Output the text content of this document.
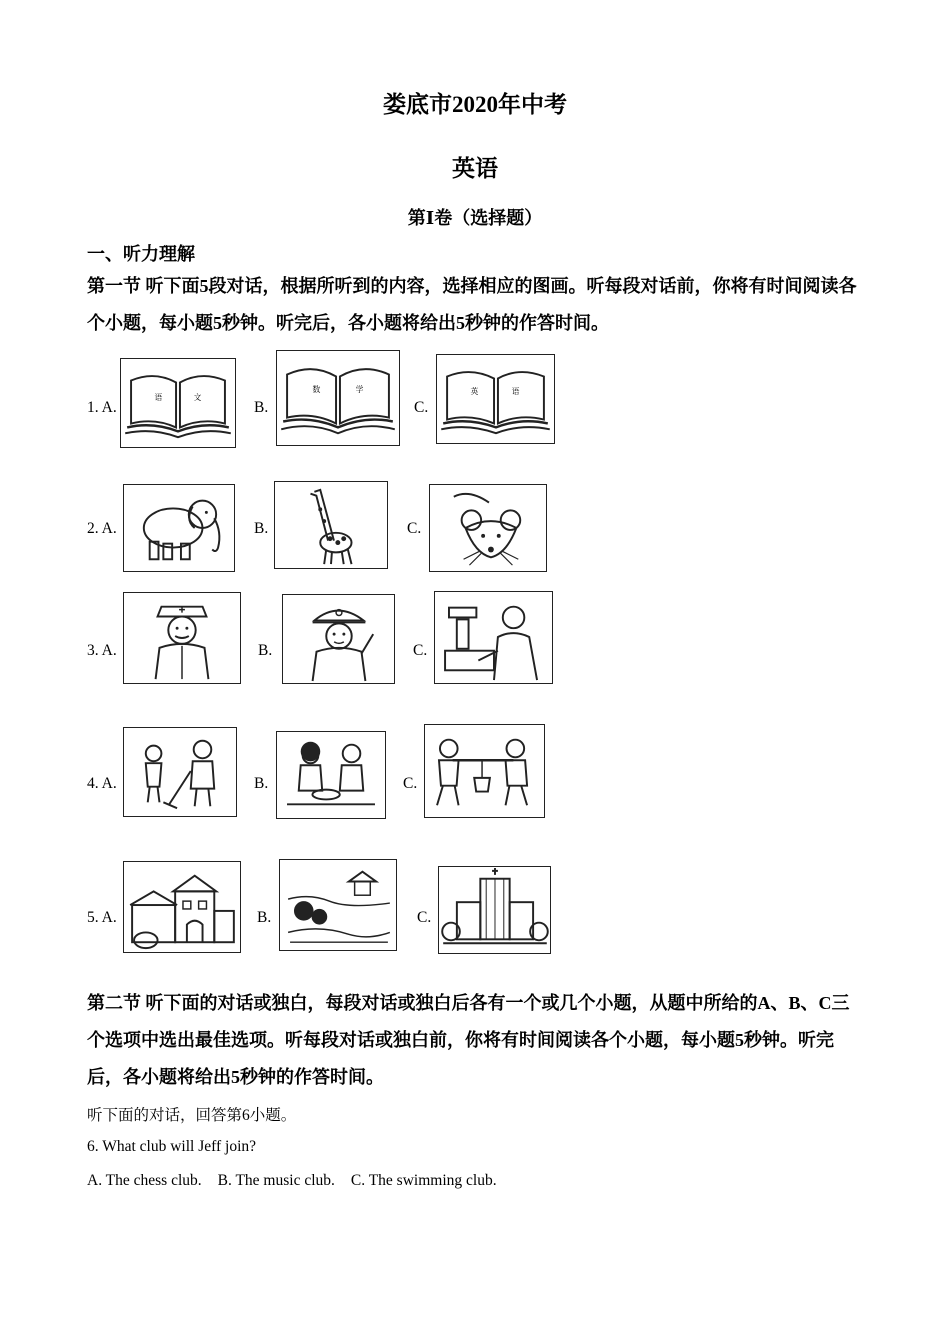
娄底市2020年中考
英语
第Ⅰ卷（选择题）
一、听力理解
第一节 听下面5段对话，根据所听到的内容，选择相应的图画。听每段对话前，你将有时间阅读各个小题，每小题5秒钟。听完后，各小题将给出5秒钟的作答时间。
1. A.
语	文
B.
数	学
C.
英	语
2. A.	B.	C.
3. A.	B.	C.
4. A.	B.	C.
5. A.	B.	C.
第二节 听下面的对话或独白，每段对话或独白后各有一个或几个小题，从题中所给的A、B、C三个选项中选出最佳选项。听每段对话或独白前，你将有时间阅读各个小题，每小题5秒钟。听完后，各小题将给出5秒钟的作答时间。
听下面的对话，回答第6小题。
6. What club will Jeff join?
A. The chess club. B. The music club. C. The swimming club.
